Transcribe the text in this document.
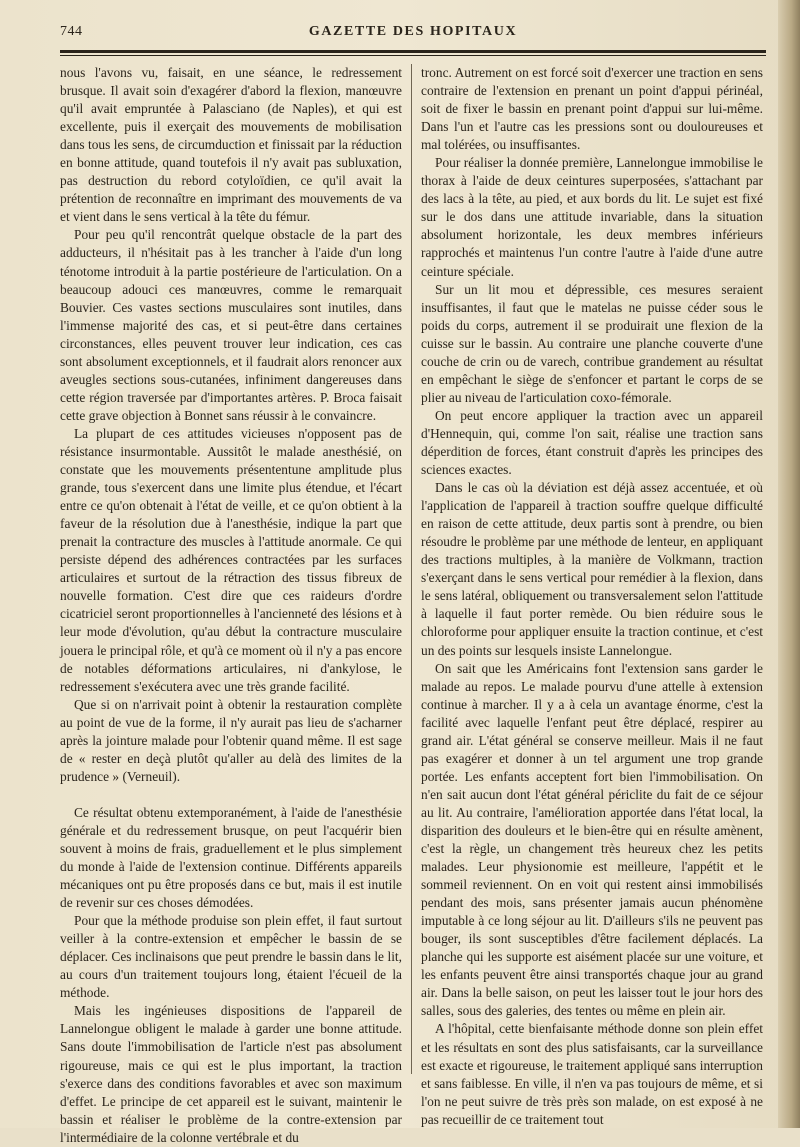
744	GAZETTE DES HOPITAUX

nous l'avons vu, faisait, en une séance, le redressement brusque. Il avait soin d'exagérer d'abord la flexion, manœuvre qu'il avait empruntée à Palasciano (de Naples), et qui est excellente, puis il exerçait des mouvements de mobilisation dans tous les sens, de circumduction et finissait par la réduction en bonne attitude, quand toutefois il n'y avait pas subluxation, pas destruction du rebord cotyloïdien, ce qu'il avait la prétention de reconnaître en imprimant des mouvements de va et vient dans le sens vertical à la tête du fémur.

Pour peu qu'il rencontrât quelque obstacle de la part des adducteurs, il n'hésitait pas à les trancher à l'aide d'un long ténotome introduit à la partie postérieure de l'articulation. On a beaucoup adouci ces manœuvres, comme le remarquait Bouvier. Ces vastes sections musculaires sont inutiles, dans l'immense majorité des cas, et si peut-être dans certaines circonstances, elles peuvent trouver leur indication, ces cas sont absolument exceptionnels, et il faudrait alors renoncer aux aveugles sections sous-cutanées, infiniment dangereuses dans cette région traversée par d'importantes artères. P. Broca faisait cette grave objection à Bonnet sans réussir à le convaincre.

La plupart de ces attitudes vicieuses n'opposent pas de résistance insurmontable. Aussitôt le malade anesthésié, on constate que les mouvements présententune amplitude plus grande, tous s'exercent dans une limite plus étendue, et l'écart entre ce qu'on obtenait à l'état de veille, et ce qu'on obtient à la faveur de la résolution due à l'anesthésie, indique la part que prenait la contracture des muscles à l'attitude anormale. Ce qui persiste dépend des adhérences contractées par les surfaces articulaires et surtout de la rétraction des tissus fibreux de nouvelle formation. C'est dire que ces raideurs d'ordre cicatriciel seront proportionnelles à l'ancienneté des lésions et à leur mode d'évolution, qu'au début la contracture musculaire jouera le principal rôle, et qu'à ce moment où il n'y a pas encore de notables déformations articulaires, ni d'ankylose, le redressement s'exécutera avec une très grande facilité.

Que si on n'arrivait point à obtenir la restauration complète au point de vue de la forme, il n'y aurait pas lieu de s'acharner après la jointure malade pour l'obtenir quand même. Il est sage de « rester en deçà plutôt qu'aller au delà des limites de la prudence » (Verneuil).

Ce résultat obtenu extemporanément, à l'aide de l'anesthésie générale et du redressement brusque, on peut l'acquérir bien souvent à moins de frais, graduellement et le plus simplement du monde à l'aide de l'extension continue. Différents appareils mécaniques ont pu être proposés dans ce but, mais il est inutile de revenir sur ces choses démodées.

Pour que la méthode produise son plein effet, il faut surtout veiller à la contre-extension et empêcher le bassin de se déplacer. Ces inclinaisons que peut prendre le bassin dans le lit, au cours d'un traitement toujours long, étaient l'écueil de la méthode.

Mais les ingénieuses dispositions de l'appareil de Lannelongue obligent le malade à garder une bonne attitude. Sans doute l'immobilisation de l'article n'est pas absolument rigoureuse, mais ce qui est le plus important, la traction s'exerce dans des conditions favorables et avec son maximum d'effet. Le principe de cet appareil est le suivant, maintenir le bassin et réaliser le problème de la contre-extension par l'intermédiaire de la colonne vertébrale et du

tronc. Autrement on est forcé soit d'exercer une traction en sens contraire de l'extension en prenant un point d'appui périnéal, soit de fixer le bassin en prenant point d'appui sur lui-même. Dans l'un et l'autre cas les pressions sont ou douloureuses et mal tolérées, ou insuffisantes.

Pour réaliser la donnée première, Lannelongue immobilise le thorax à l'aide de deux ceintures superposées, s'attachant par des lacs à la tête, au pied, et aux bords du lit. Le sujet est fixé sur le dos dans une attitude invariable, dans la situation absolument horizontale, les deux membres inférieurs rapprochés et maintenus l'un contre l'autre à l'aide d'une autre ceinture spéciale.

Sur un lit mou et dépressible, ces mesures seraient insuffisantes, il faut que le matelas ne puisse céder sous le poids du corps, autrement il se produirait une flexion de la cuisse sur le bassin. Au contraire une planche couverte d'une couche de crin ou de varech, contribue grandement au résultat en empêchant le siège de s'enfoncer et partant le corps de se plier au niveau de l'articulation coxo-fémorale.

On peut encore appliquer la traction avec un appareil d'Hennequin, qui, comme l'on sait, réalise une traction sans déperdition de forces, étant construit d'après les principes des sciences exactes.

Dans le cas où la déviation est déjà assez accentuée, et où l'application de l'appareil à traction souffre quelque difficulté en raison de cette attitude, deux partis sont à prendre, ou bien résoudre le problème par une méthode de lenteur, en appliquant des tractions multiples, à la manière de Volkmann, traction s'exerçant dans le sens vertical pour remédier à la flexion, dans le sens latéral, obliquement ou transversalement selon l'attitude à laquelle il faut porter remède. Ou bien réduire sous le chloroforme pour appliquer ensuite la traction continue, et c'est un des points sur lesquels insiste Lannelongue.

On sait que les Américains font l'extension sans garder le malade au repos. Le malade pourvu d'une attelle à extension continue à marcher. Il y a à cela un avantage énorme, c'est la facilité avec laquelle l'enfant peut être déplacé, respirer au grand air. L'état général se conserve meilleur. Mais il ne faut pas exagérer et donner à un tel argument une trop grande portée. Les enfants acceptent fort bien l'immobilisation. On n'en sait aucun dont l'état général périclite du fait de ce séjour au lit. Au contraire, l'amélioration apportée dans l'état local, la disparition des douleurs et le bien-être qui en résulte amènent, c'est la règle, un changement très heureux chez les petits malades. Leur physionomie est meilleure, l'appétit et le sommeil reviennent. On en voit qui restent ainsi immobilisés pendant des mois, sans présenter jamais aucun phénomène imputable à ce long séjour au lit. D'ailleurs s'ils ne peuvent pas bouger, ils sont susceptibles d'être facilement déplacés. La planche qui les supporte est aisément placée sur une voiture, et les enfants peuvent être ainsi transportés chaque jour au grand air. Dans la belle saison, on peut les laisser tout le jour hors des salles, sous des galeries, des tentes ou même en plein air.

A l'hôpital, cette bienfaisante méthode donne son plein effet et les résultats en sont des plus satisfaisants, car la surveillance est exacte et rigoureuse, le traitement appliqué sans interruption et sans faiblesse. En ville, il n'en va pas toujours de même, et si l'on ne peut suivre de très près son malade, on est exposé à ne pas recueillir de ce traitement tout
